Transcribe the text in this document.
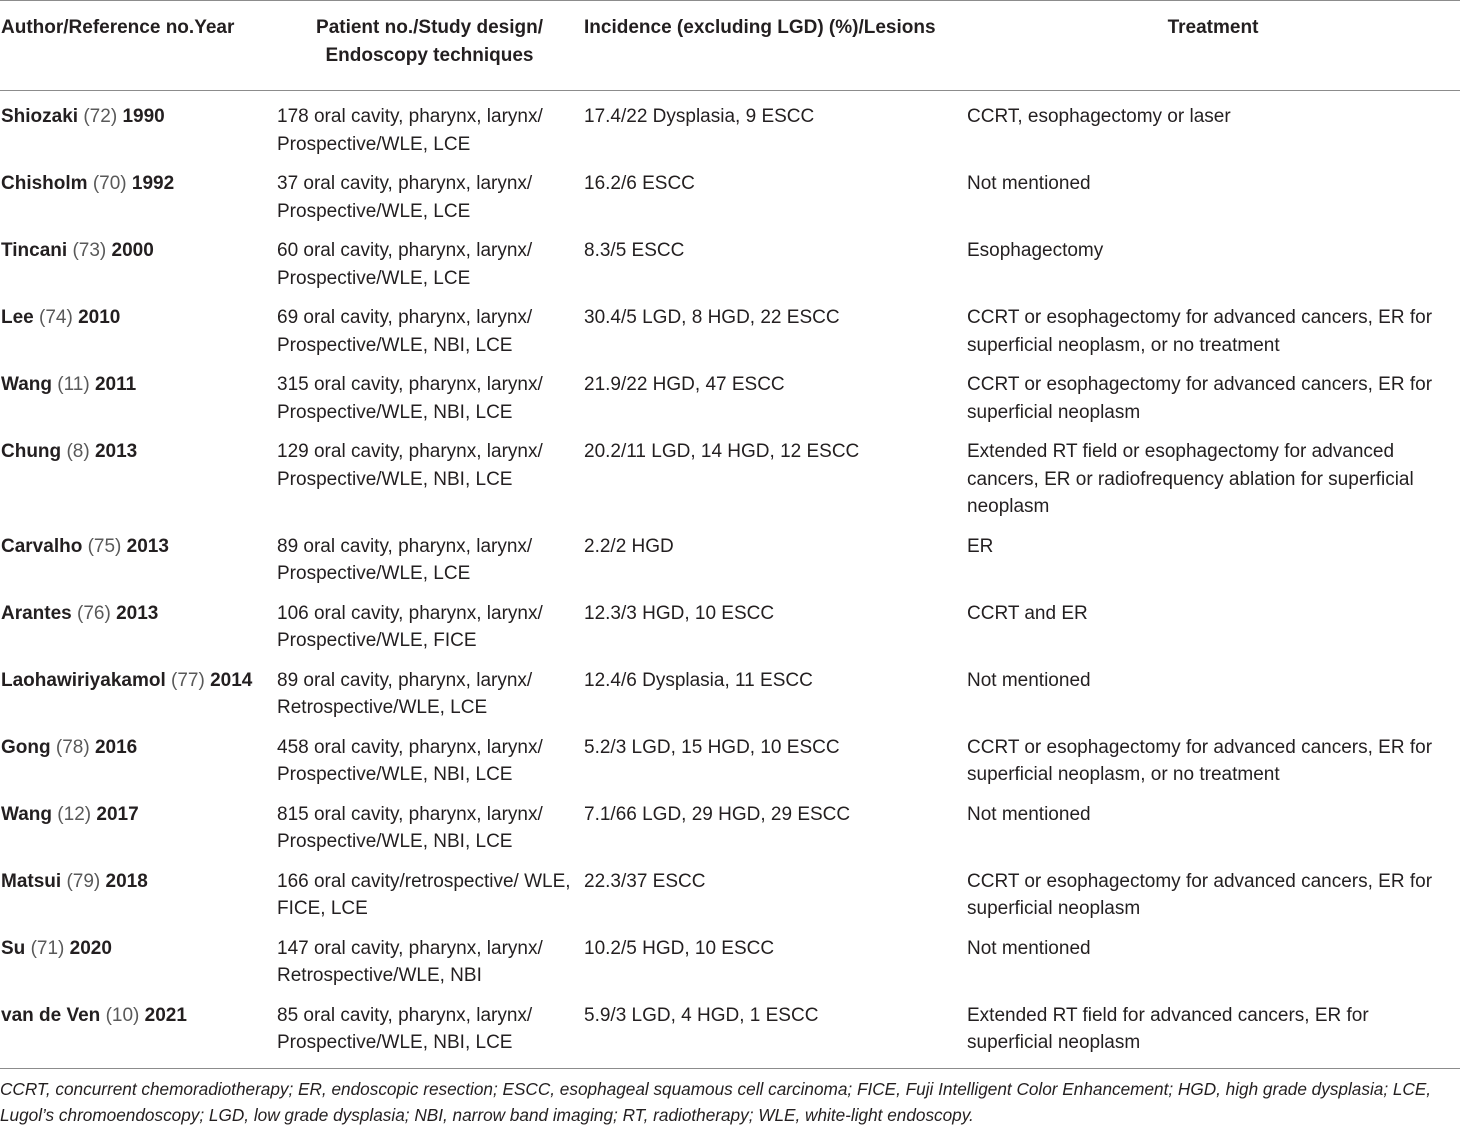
Author/Reference no.Year	Patient no./Study design/ Endoscopy techniques	Incidence (excluding LGD) (%)/Lesions	Treatment
Shiozaki (72) 1990	178 oral cavity, pharynx, larynx/ Prospective/WLE, LCE	17.4/22 Dysplasia, 9 ESCC	CCRT, esophagectomy or laser
Chisholm (70) 1992	37 oral cavity, pharynx, larynx/ Prospective/WLE, LCE	16.2/6 ESCC	Not mentioned
Tincani (73) 2000	60 oral cavity, pharynx, larynx/ Prospective/WLE, LCE	8.3/5 ESCC	Esophagectomy
Lee (74) 2010	69 oral cavity, pharynx, larynx/ Prospective/WLE, NBI, LCE	30.4/5 LGD, 8 HGD, 22 ESCC	CCRT or esophagectomy for advanced cancers, ER for superficial neoplasm, or no treatment
Wang (11) 2011	315 oral cavity, pharynx, larynx/ Prospective/WLE, NBI, LCE	21.9/22 HGD, 47 ESCC	CCRT or esophagectomy for advanced cancers, ER for superficial neoplasm
Chung (8) 2013	129 oral cavity, pharynx, larynx/ Prospective/WLE, NBI, LCE	20.2/11 LGD, 14 HGD, 12 ESCC	Extended RT field or esophagectomy for advanced cancers, ER or radiofrequency ablation for superficial neoplasm
Carvalho (75) 2013	89 oral cavity, pharynx, larynx/ Prospective/WLE, LCE	2.2/2 HGD	ER
Arantes (76) 2013	106 oral cavity, pharynx, larynx/ Prospective/WLE, FICE	12.3/3 HGD, 10 ESCC	CCRT and ER
Laohawiriyakamol (77) 2014	89 oral cavity, pharynx, larynx/ Retrospective/WLE, LCE	12.4/6 Dysplasia, 11 ESCC	Not mentioned
Gong (78) 2016	458 oral cavity, pharynx, larynx/ Prospective/WLE, NBI, LCE	5.2/3 LGD, 15 HGD, 10 ESCC	CCRT or esophagectomy for advanced cancers, ER for superficial neoplasm, or no treatment
Wang (12) 2017	815 oral cavity, pharynx, larynx/ Prospective/WLE, NBI, LCE	7.1/66 LGD, 29 HGD, 29 ESCC	Not mentioned
Matsui (79) 2018	166 oral cavity/retrospective/ WLE, FICE, LCE	22.3/37 ESCC	CCRT or esophagectomy for advanced cancers, ER for superficial neoplasm
Su (71) 2020	147 oral cavity, pharynx, larynx/ Retrospective/WLE, NBI	10.2/5 HGD, 10 ESCC	Not mentioned
van de Ven (10) 2021	85 oral cavity, pharynx, larynx/ Prospective/WLE, NBI, LCE	5.9/3 LGD, 4 HGD, 1 ESCC	Extended RT field for advanced cancers, ER for superficial neoplasm
CCRT, concurrent chemoradiotherapy; ER, endoscopic resection; ESCC, esophageal squamous cell carcinoma; FICE, Fuji Intelligent Color Enhancement; HGD, high grade dysplasia; LCE, Lugol’s chromoendoscopy; LGD, low grade dysplasia; NBI, narrow band imaging; RT, radiotherapy; WLE, white-light endoscopy.			
